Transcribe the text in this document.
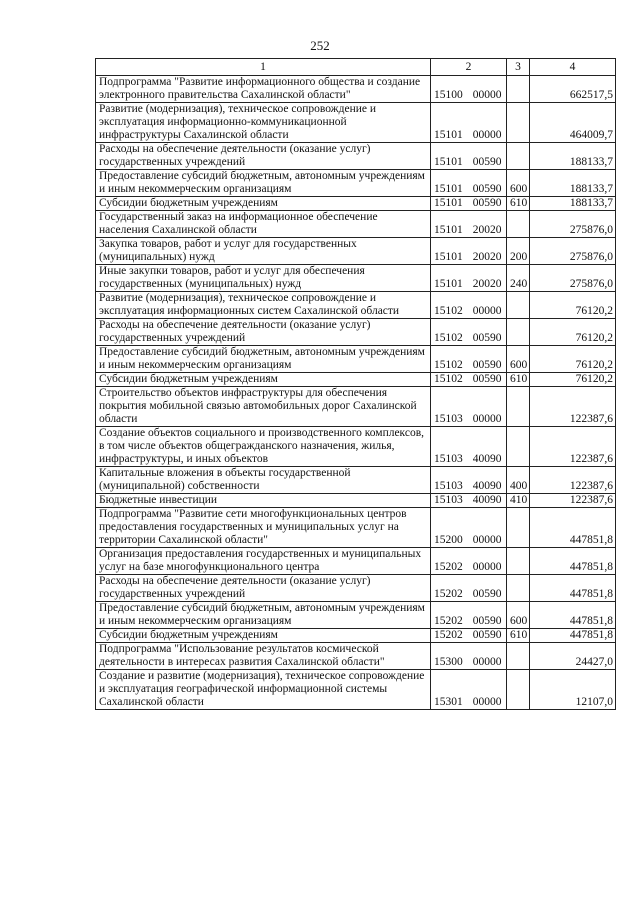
252
1	2	3	4
Подпрограмма "Развитие информационного общества и создание электронного правительства Сахалинской области"	15100 00000		662517,5
Развитие (модернизация), техническое сопровождение и эксплуатация информационно-коммуникационной инфраструктуры Сахалинской области	15101 00000		464009,7
Расходы на обеспечение деятельности (оказание услуг) государственных учреждений	15101 00590		188133,7
Предоставление субсидий бюджетным, автономным учреждениям и иным некоммерческим организациям	15101 00590	600	188133,7
Субсидии бюджетным учреждениям	15101 00590	610	188133,7
Государственный заказ на информационное обеспечение населения Сахалинской области	15101 20020		275876,0
Закупка товаров, работ и услуг для государственных (муниципальных) нужд	15101 20020	200	275876,0
Иные закупки товаров, работ и услуг для обеспечения государственных (муниципальных) нужд	15101 20020	240	275876,0
Развитие (модернизация), техническое сопровождение и эксплуатация информационных систем Сахалинской области	15102 00000		76120,2
Расходы на обеспечение деятельности (оказание услуг) государственных учреждений	15102 00590		76120,2
Предоставление субсидий бюджетным, автономным учреждениям и иным некоммерческим организациям	15102 00590	600	76120,2
Субсидии бюджетным учреждениям	15102 00590	610	76120,2
Строительство объектов инфраструктуры для обеспечения покрытия мобильной связью автомобильных дорог Сахалинской области	15103 00000		122387,6
Создание объектов социального и производственного комплексов, в том числе объектов общегражданского назначения, жилья, инфраструктуры, и иных объектов	15103 40090		122387,6
Капитальные вложения в объекты государственной (муниципальной) собственности	15103 40090	400	122387,6
Бюджетные инвестиции	15103 40090	410	122387,6
Подпрограмма "Развитие сети многофункциональных центров предоставления государственных и муниципальных услуг на территории Сахалинской области"	15200 00000		447851,8
Организация предоставления государственных и муниципальных услуг на базе многофункционального центра	15202 00000		447851,8
Расходы на обеспечение деятельности (оказание услуг) государственных учреждений	15202 00590		447851,8
Предоставление субсидий бюджетным, автономным учреждениям и иным некоммерческим организациям	15202 00590	600	447851,8
Субсидии бюджетным учреждениям	15202 00590	610	447851,8
Подпрограмма "Использование результатов космической деятельности в интересах развития Сахалинской области"	15300 00000		24427,0
Создание и развитие (модернизация), техническое сопровождение и эксплуатация географической информационной системы Сахалинской области	15301 00000		12107,0
